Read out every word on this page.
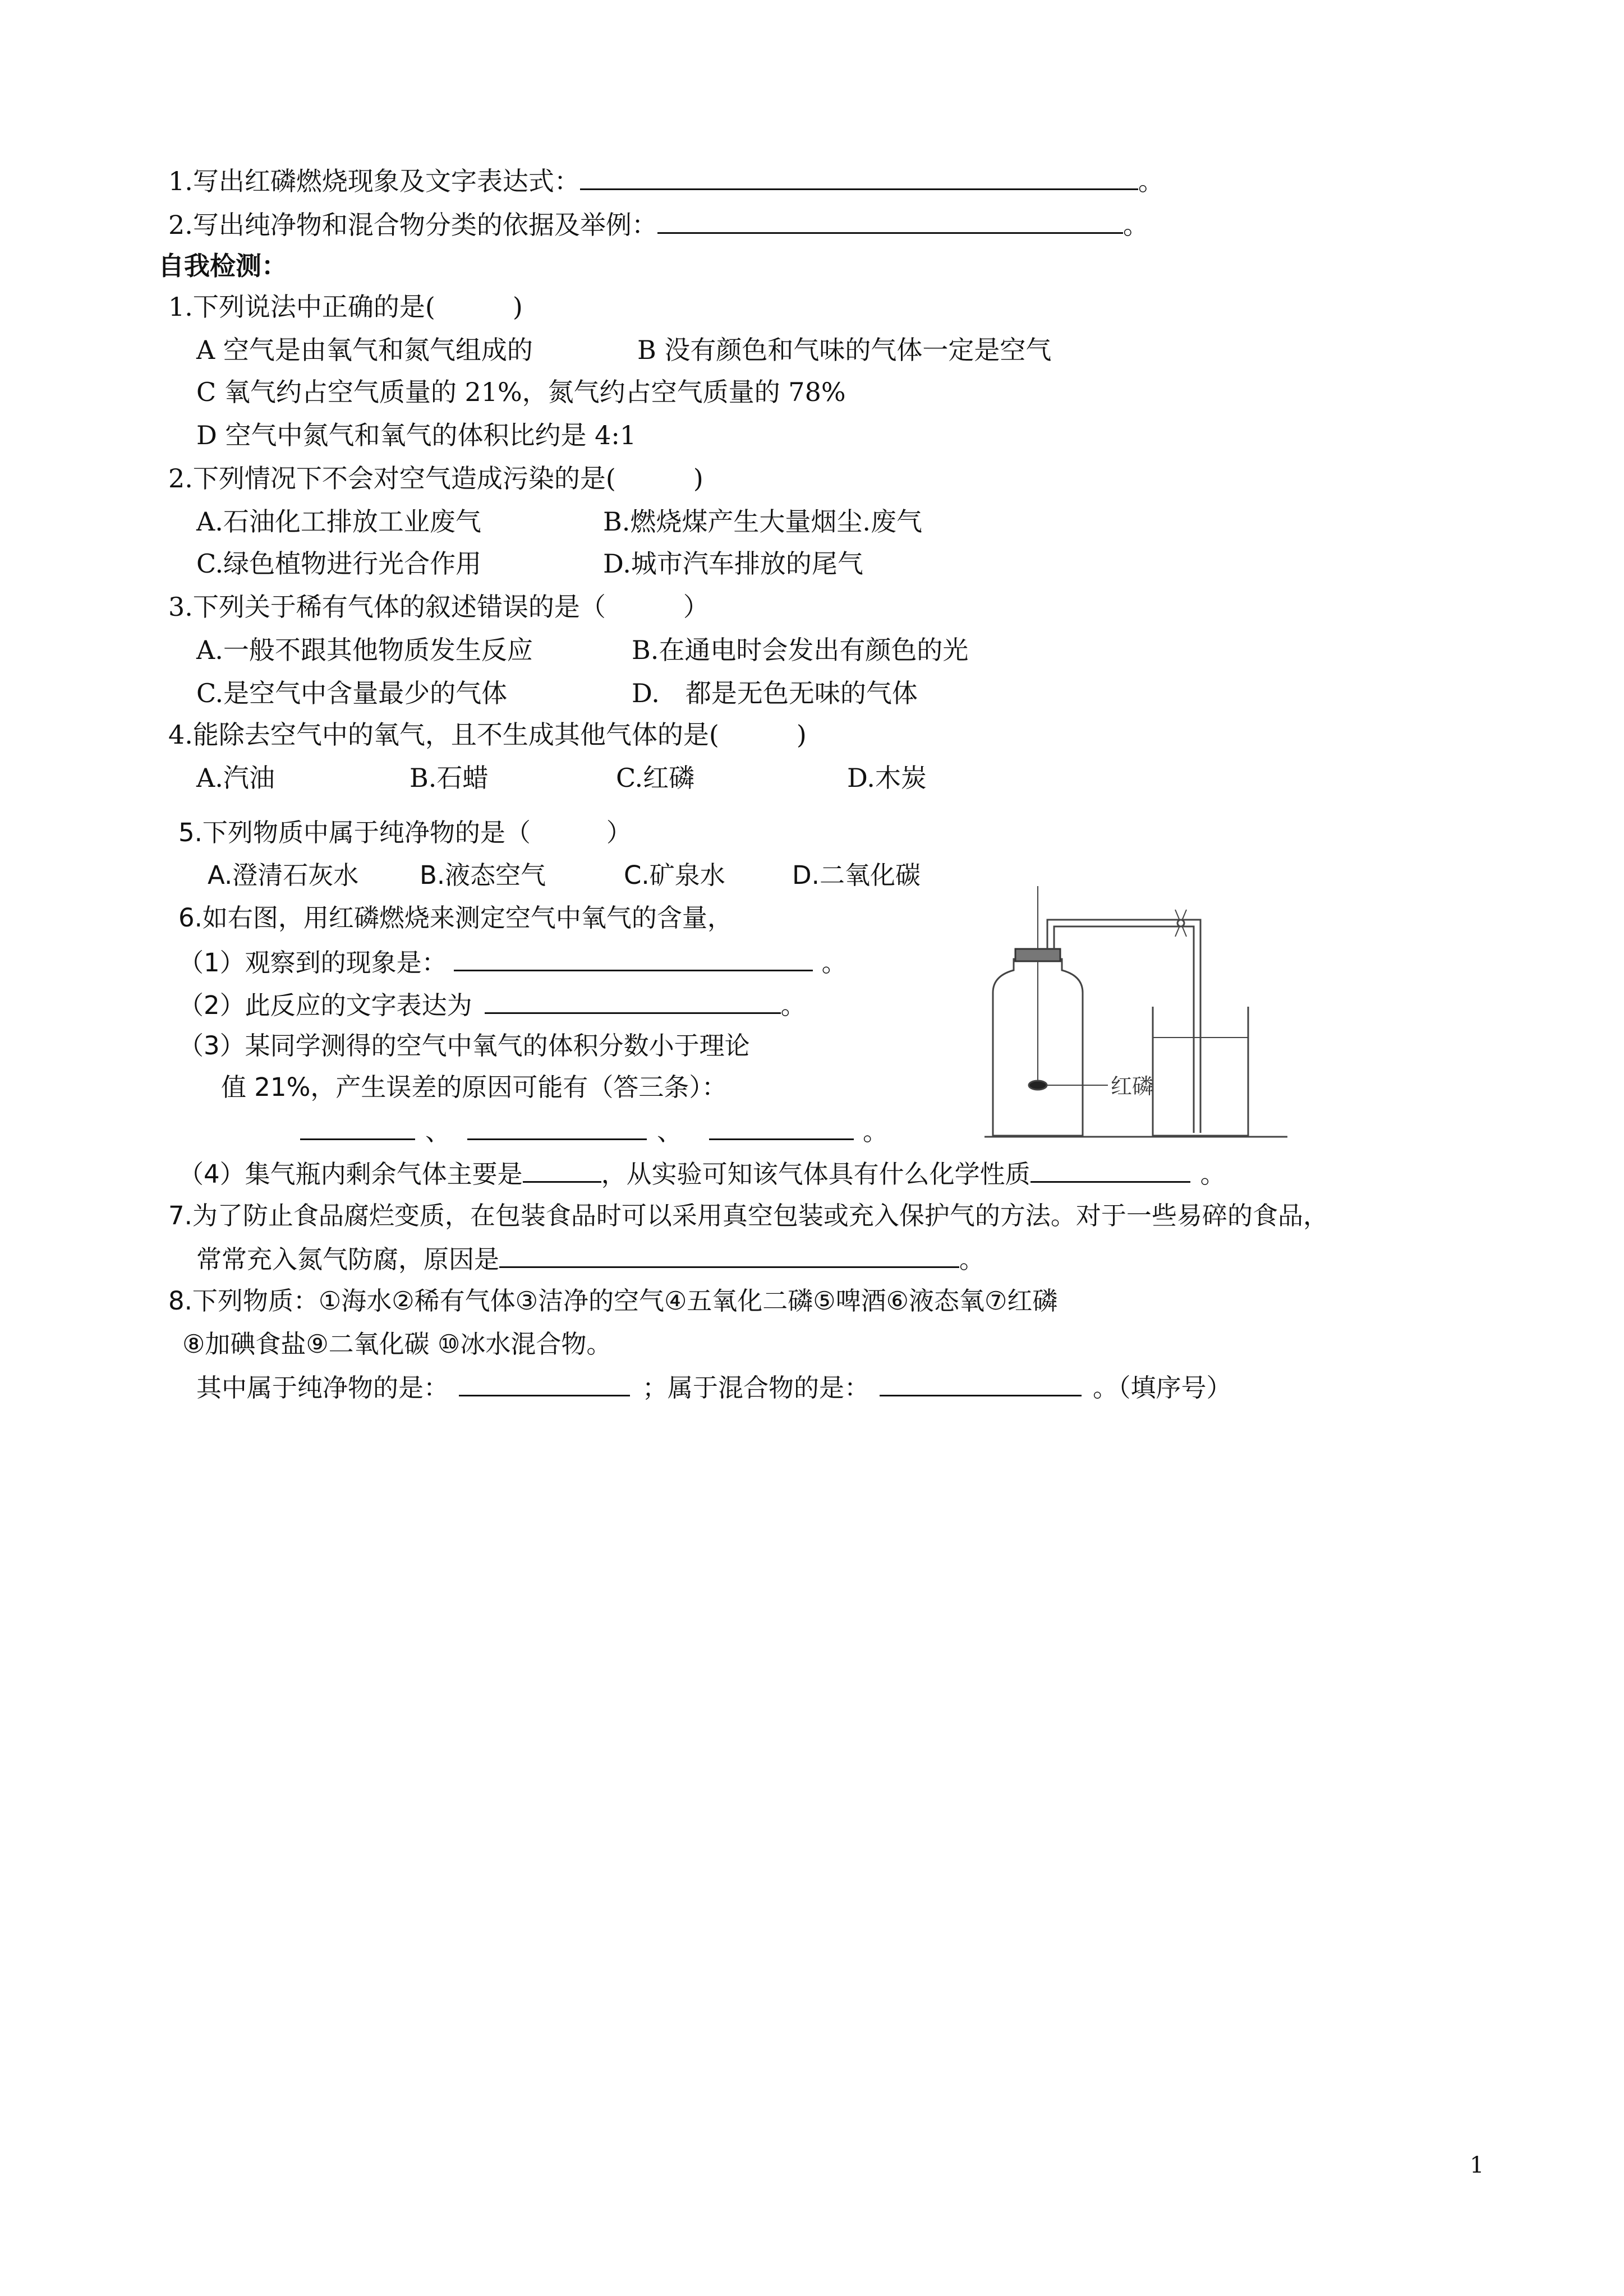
1.写出红磷燃烧现象及文字表达式：	。
2.写出纯净物和混合物分类的依据及举例：	。
自我检测：
1.下列说法中正确的是(　　　)
A 空气是由氧气和氮气组成的	B 没有颜色和气味的气体一定是空气
C 氧气约占空气质量的 21%，氮气约占空气质量的 78%
D 空气中氮气和氧气的体积比约是 4:1
2.下列情况下不会对空气造成污染的是(　　　)
A.石油化工排放工业废气	B.燃烧煤产生大量烟尘.废气
C.绿色植物进行光合作用	D.城市汽车排放的尾气
3.下列关于稀有气体的叙述错误的是（　　　）
A.一般不跟其他物质发生反应	B.在通电时会发出有颜色的光
C.是空气中含量最少的气体	D.　都是无色无味的气体
4.能除去空气中的氧气，且不生成其他气体的是(　　　)
A.汽油	B.石蜡	C.红磷	D.木炭
5.下列物质中属于纯净物的是（　　　）
A.澄清石灰水 B.液态空气	C.矿泉水	D.二氧化碳
6.如右图，用红磷燃烧来测定空气中氧气的含量，
（1）观察到的现象是：	。
（2）此反应的文字表达为	。
（3）某同学测得的空气中氧气的体积分数小于理论
值 21%，产生误差的原因可能有（答三条）：
、	、	。
（4）集气瓶内剩余气体主要是	，从实验可知该气体具有什么化学性质	。
红磷
7.为了防止食品腐烂变质，在包装食品时可以采用真空包装或充入保护气的方法。对于一些易碎的食品，
常常充入氮气防腐，原因是	。
8.下列物质：①海水②稀有气体③洁净的空气④五氧化二磷⑤啤酒⑥液态氧⑦红磷
⑧加碘食盐⑨二氧化碳 ⑩冰水混合物。
其中属于纯净物的是：	；属于混合物的是：	。（填序号）
1
